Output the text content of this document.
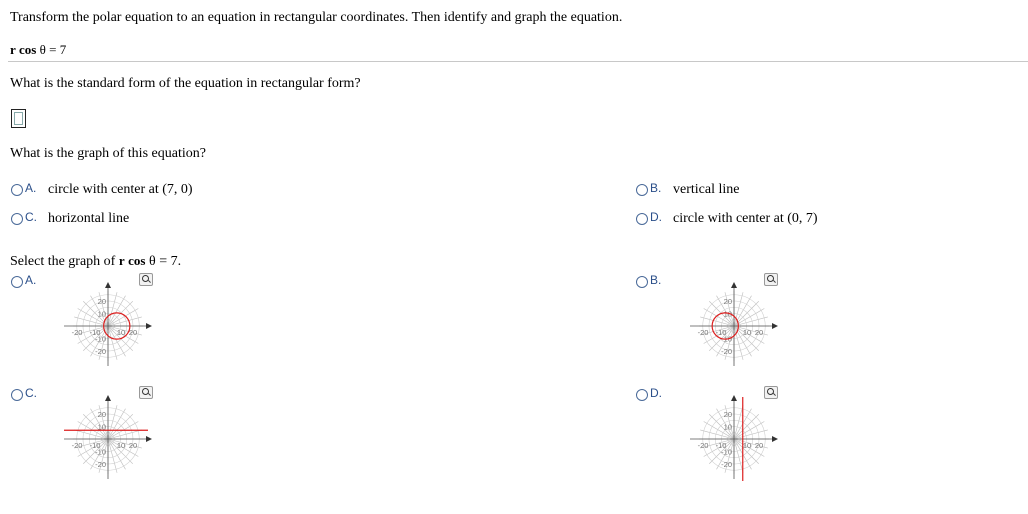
Transform the polar equation to an equation in rectangular coordinates. Then identify and graph the equation.
r cos θ = 7
What is the standard form of the equation in rectangular form?
What is the graph of this equation?
A. circle with center at (7, 0)	B. vertical line
C. horizontal line	D. circle with center at (0, 7)
Select the graph of r cos θ = 7.
A.
20
10
-10
-20
-20 -10 10 20
B.
20
10
-10
-20
-20 -10 10 20
C.
20
10
-10
-20
-20 -10 10 20
D.
20
10
-10
-20
-20 -10 10 20
